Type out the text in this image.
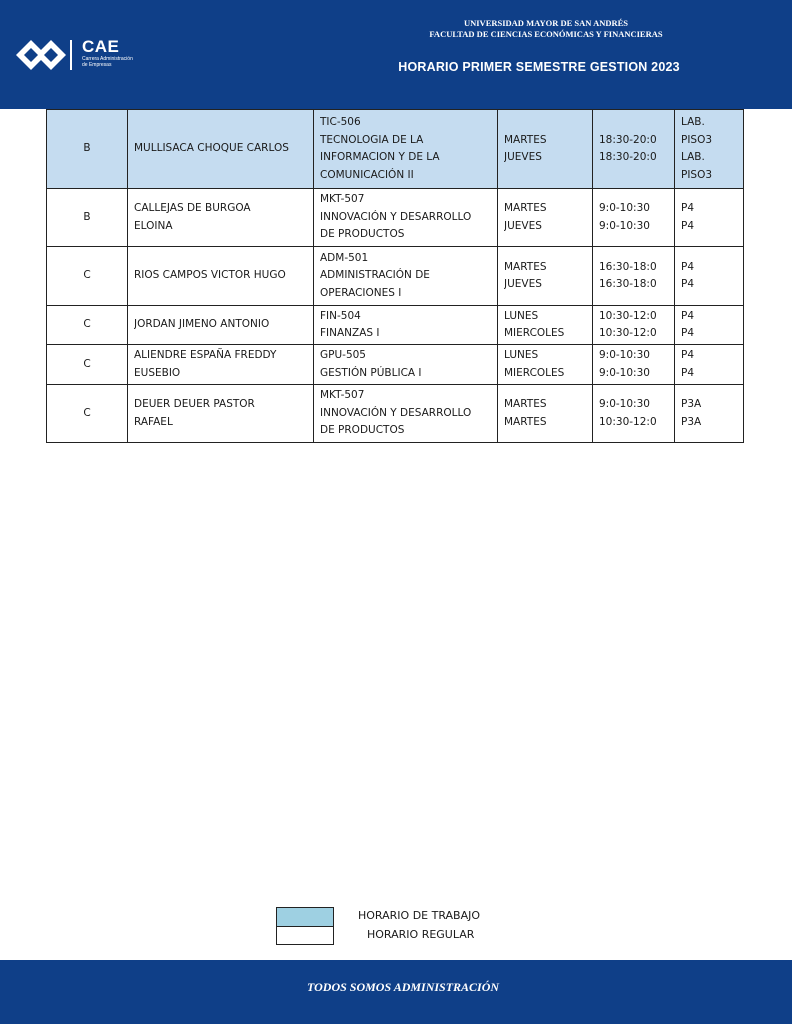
CAE
Carrera Administración
de Empresas
UNIVERSIDAD MAYOR DE SAN ANDRÉS
FACULTAD DE CIENCIAS ECONÓMICAS Y FINANCIERAS
HORARIO PRIMER SEMESTRE GESTION 2023
B	MULLISACA CHOQUE CARLOS	TIC-506
TECNOLOGIA DE LA
INFORMACION Y DE LA
COMUNICACIÓN II	MARTES
JUEVES	18:30-20:0
18:30-20:0	LAB.
PISO3
LAB.
PISO3

B	CALLEJAS DE BURGOA
ELOINA	MKT-507
INNOVACIÓN Y DESARROLLO
DE PRODUCTOS	MARTES
JUEVES	9:0-10:30
9:0-10:30	P4
P4

C	RIOS CAMPOS VICTOR HUGO	ADM-501
ADMINISTRACIÓN DE
OPERACIONES I	MARTES
JUEVES	16:30-18:0
16:30-18:0	P4
P4

C	JORDAN JIMENO ANTONIO	FIN-504
FINANZAS I	LUNES
MIERCOLES	10:30-12:0
10:30-12:0	P4
P4

C	ALIENDRE ESPAÑA FREDDY
EUSEBIO	GPU-505
GESTIÓN PÚBLICA I	LUNES
MIERCOLES	9:0-10:30
9:0-10:30	P4
P4

C	DEUER DEUER PASTOR
RAFAEL	MKT-507
INNOVACIÓN Y DESARROLLO
DE PRODUCTOS	MARTES
MARTES	9:0-10:30
10:30-12:0	P3A
P3A
HORARIO DE TRABAJO
HORARIO REGULAR
TODOS SOMOS ADMINISTRACIÓN
